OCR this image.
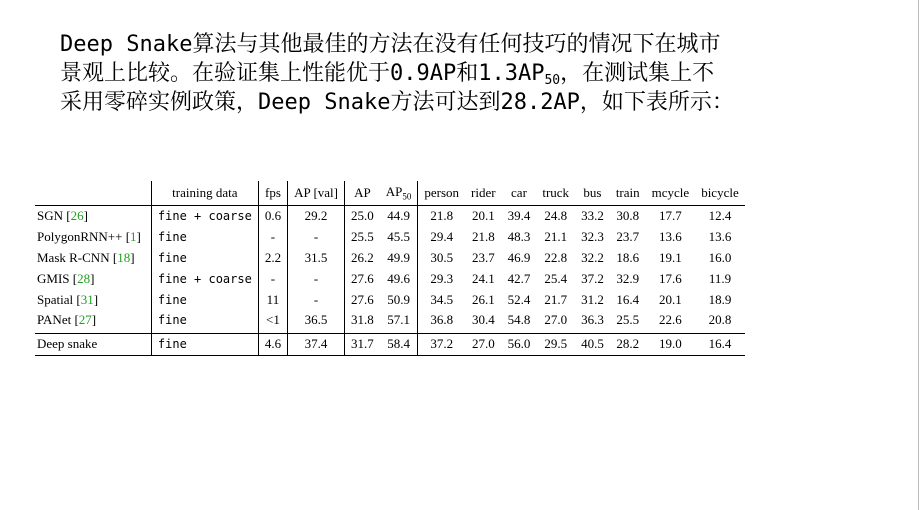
Deep Snake算法与其他最佳的方法在没有任何技巧的情况下在城市
景观上比较。在验证集上性能优于0.9AP和$1.3AP_{50}$，在测试集上不
采用零碎实例政策，Deep Snake方法可达到28.2AP，如下表所示：
	training data	fps	AP [val]	AP	$AP_{50}$	person	rider	car	truck	bus	train	mcycle	bicycle
SGN [26]	fine + coarse	0.6	29.2	25.0	44.9	21.8	20.1	39.4	24.8	33.2	30.8	17.7	12.4
PolygonRNN++ [1]	fine	-	-	25.5	45.5	29.4	21.8	48.3	21.1	32.3	23.7	13.6	13.6
Mask R-CNN [18]	fine	2.2	31.5	26.2	49.9	30.5	23.7	46.9	22.8	32.2	18.6	19.1	16.0
GMIS [28]	fine + coarse	-	-	27.6	49.6	29.3	24.1	42.7	25.4	37.2	32.9	17.6	11.9
Spatial [31]	fine	11	-	27.6	50.9	34.5	26.1	52.4	21.7	31.2	16.4	20.1	18.9
PANet [27]	fine	<1	36.5	31.8	57.1	36.8	30.4	54.8	27.0	36.3	25.5	22.6	20.8
Deep snake	fine	4.6	37.4	31.7	58.4	37.2	27.0	56.0	29.5	40.5	28.2	19.0	16.4
